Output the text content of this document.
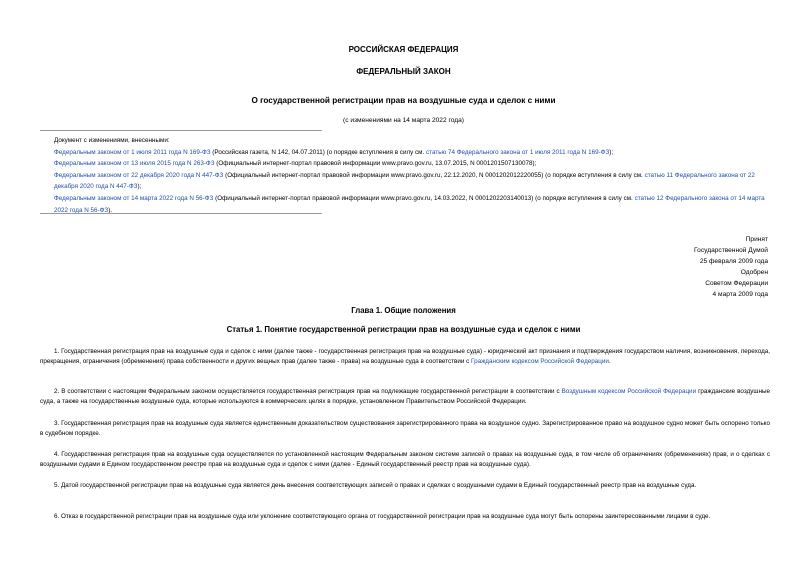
РОССИЙСКАЯ ФЕДЕРАЦИЯ
ФЕДЕРАЛЬНЫЙ ЗАКОН
О государственной регистрации прав на воздушные суда и сделок с ними
(с изменениями на 14 марта 2022 года)
Документ с изменениями, внесенными:
Федеральным законом от 1 июля 2011 года N 169-ФЗ (Российская газета, N 142, 04.07.2011) (о порядке вступления в силу см. статью 74 Федерального закона от 1 июля 2011 года N 169-ФЗ);
Федеральным законом от 13 июля 2015 года N 263-ФЗ (Официальный интернет-портал правовой информации www.pravo.gov.ru, 13.07.2015, N 0001201507130078);
Федеральным законом от 22 декабря 2020 года N 447-ФЗ (Официальный интернет-портал правовой информации www.pravo.gov.ru, 22.12.2020, N 0001202012220055) (о порядке вступления в силу см. статью 11 Федерального закона от 22 декабря 2020 года N 447-ФЗ);
Федеральным законом от 14 марта 2022 года N 56-ФЗ (Официальный интернет-портал правовой информации www.pravo.gov.ru, 14.03.2022, N 0001202203140013) (о порядке вступления в силу см. статью 12 Федерального закона от 14 марта 2022 года N 56-ФЗ).
Принят
Государственной Думой
25 февраля 2009 года
Одобрен
Советом Федерации
4 марта 2009 года
Глава 1. Общие положения
Статья 1. Понятие государственной регистрации прав на воздушные суда и сделок с ними
1. Государственная регистрация прав на воздушные суда и сделок с ними (далее также - государственная регистрация прав на воздушные суда) - юридический акт признания и подтверждения государством наличия, возникновения, перехода, прекращения, ограничения (обременения) права собственности и других вещных прав (далее также - права) на воздушные суда в соответствии с Гражданским кодексом Российской Федерации.
2. В соответствии с настоящим Федеральным законом осуществляется государственная регистрация прав на подлежащие государственной регистрации в соответствии с Воздушным кодексом Российской Федерации гражданские воздушные суда, а также на государственные воздушные суда, которые используются в коммерческих целях в порядке, установленном Правительством Российской Федерации.
3. Государственная регистрация прав на воздушные суда является единственным доказательством существования зарегистрированного права на воздушное судно. Зарегистрированное право на воздушное судно может быть оспорено только в судебном порядке.
4. Государственная регистрация прав на воздушные суда осуществляется по установленной настоящим Федеральным законом системе записей о правах на воздушные суда, в том числе об ограничениях (обременениях) прав, и о сделках с воздушными судами в Едином государственном реестре прав на воздушные суда и сделок с ними (далее - Единый государственный реестр прав на воздушные суда).
5. Датой государственной регистрации прав на воздушные суда является день внесения соответствующих записей о правах и сделках с воздушными судами в Единый государственный реестр прав на воздушные суда.
6. Отказ в государственной регистрации прав на воздушные суда или уклонение соответствующего органа от государственной регистрации прав на воздушные суда могут быть оспорены заинтересованными лицами в суде.
